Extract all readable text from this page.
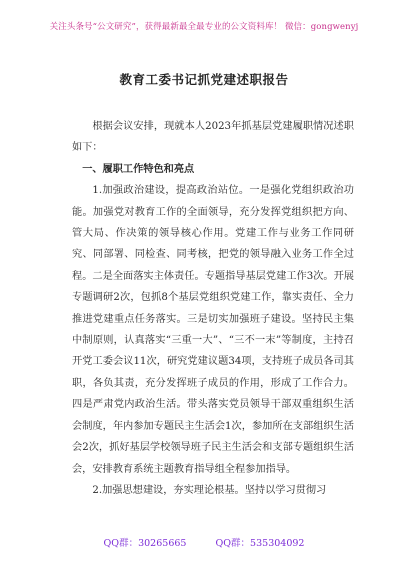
关注头条号“公文研究”，获得最新最全最专业的公文资料库！ 微信：gongwenyj
教育工委书记抓党建述职报告

根据会议安排，现就本人2023年抓基层党建履职情况述职如下：

一、履职工作特色和亮点

1.加强政治建设，提高政治站位。一是强化党组织政治功能。加强党对教育工作的全面领导，充分发挥党组织把方向、管大局、作决策的领导核心作用。党建工作与业务工作同研究、同部署、同检查、同考核，把党的领导融入业务工作全过程。二是全面落实主体责任。专题指导基层党建工作3次。开展专题调研2次，包抓8个基层党组织党建工作，靠实责任、全力推进党建重点任务落实。三是切实加强班子建设。坚持民主集中制原则，认真落实“三重一大”、“三不一末”等制度，主持召开党工委会议11次，研究党建议题34项，支持班子成员各司其职，各负其责，充分发挥班子成员的作用，形成了工作合力。四是严肃党内政治生活。带头落实党员领导干部双重组织生活会制度，年内参加专题民主生活会1次，参加所在支部组织生活会2次，抓好基层学校领导班子民主生活会和支部专题组织生活会，安排教育系统主题教育指导组全程参加指导。

2.加强思想建设，夯实理论根基。坚持以学习贯彻习

QQ群：30265665	QQ群：535304092
